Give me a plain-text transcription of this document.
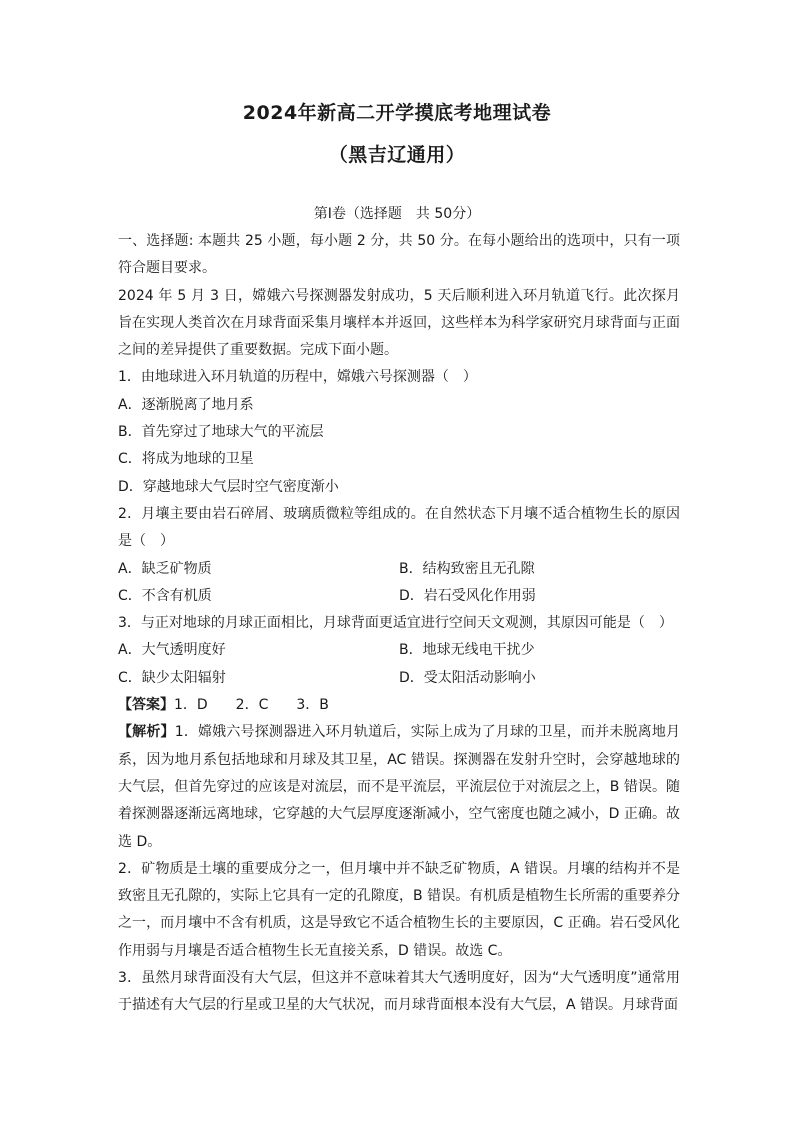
2024年新高二开学摸底考地理试卷
（黑吉辽通用）
第Ⅰ卷（选择题　共 50分）

一、选择题: 本题共 25 小题，每小题 2 分，共 50 分。在每小题给出的选项中，只有一项符合题目要求。

2024 年 5 月 3 日，嫦娥六号探测器发射成功，5 天后顺利进入环月轨道飞行。此次探月旨在实现人类首次在月球背面采集月壤样本并返回，这些样本为科学家研究月球背面与正面之间的差异提供了重要数据。完成下面小题。

1．由地球进入环月轨道的历程中，嫦娥六号探测器（　）

A．逐渐脱离了地月系

B．首先穿过了地球大气的平流层

C．将成为地球的卫星

D．穿越地球大气层时空气密度渐小

2．月壤主要由岩石碎屑、玻璃质微粒等组成的。在自然状态下月壤不适合植物生长的原因是（　）

A．缺乏矿物质	B．结构致密且无孔隙
C．不含有机质	D．岩石受风化作用弱

3．与正对地球的月球正面相比，月球背面更适宜进行空间天文观测，其原因可能是（　）

A．大气透明度好	B．地球无线电干扰少
C．缺少太阳辐射	D．受太阳活动影响小

【答案】1．D　　2．C　　3．B

【解析】1．嫦娥六号探测器进入环月轨道后，实际上成为了月球的卫星，而并未脱离地月系，因为地月系包括地球和月球及其卫星，AC 错误。探测器在发射升空时，会穿越地球的大气层，但首先穿过的应该是对流层，而不是平流层，平流层位于对流层之上，B 错误。随着探测器逐渐远离地球，它穿越的大气层厚度逐渐减小，空气密度也随之减小，D 正确。故选 D。

2．矿物质是土壤的重要成分之一，但月壤中并不缺乏矿物质，A 错误。月壤的结构并不是致密且无孔隙的，实际上它具有一定的孔隙度，B 错误。有机质是植物生长所需的重要养分之一，而月壤中不含有机质，这是导致它不适合植物生长的主要原因，C 正确。岩石受风化作用弱与月壤是否适合植物生长无直接关系，D 错误。故选 C。

3．虽然月球背面没有大气层，但这并不意味着其大气透明度好，因为“大气透明度”通常用于描述有大气层的行星或卫星的大气状况，而月球背面根本没有大气层，A 错误。月球背面
